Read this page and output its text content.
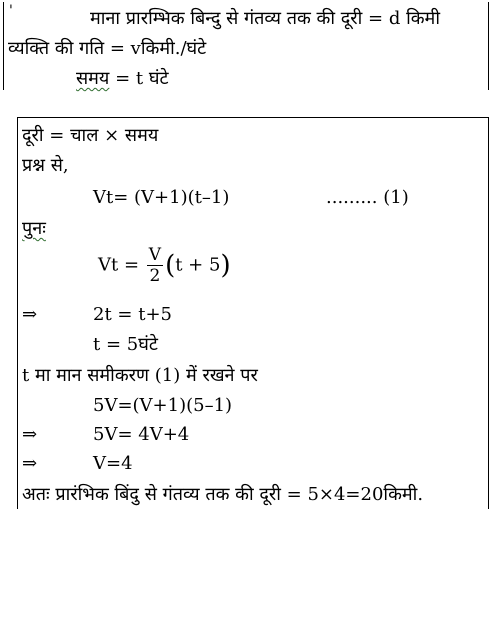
'	माना प्रारम्भिक बिन्दु से गंतव्य तक की दूरी = d किमी
व्यक्ति की गति = vकिमी./घंटे
समय = t घंटे
दूरी = चाल × समय
प्रश्न से,
Vt= (V+1)(t–1)	......... (1)
पुनः
$Vt = \frac{V}{2} (t + 5)$
⇒	2t = t+5
t = 5घंटे
t मा मान समीकरण (1) में रखने पर
5V=(V+1)(5–1)
⇒	5V= 4V+4
⇒	V=4
अतः प्रारंभिक बिंदु से गंतव्य तक की दूरी = 5×4=20किमी.
